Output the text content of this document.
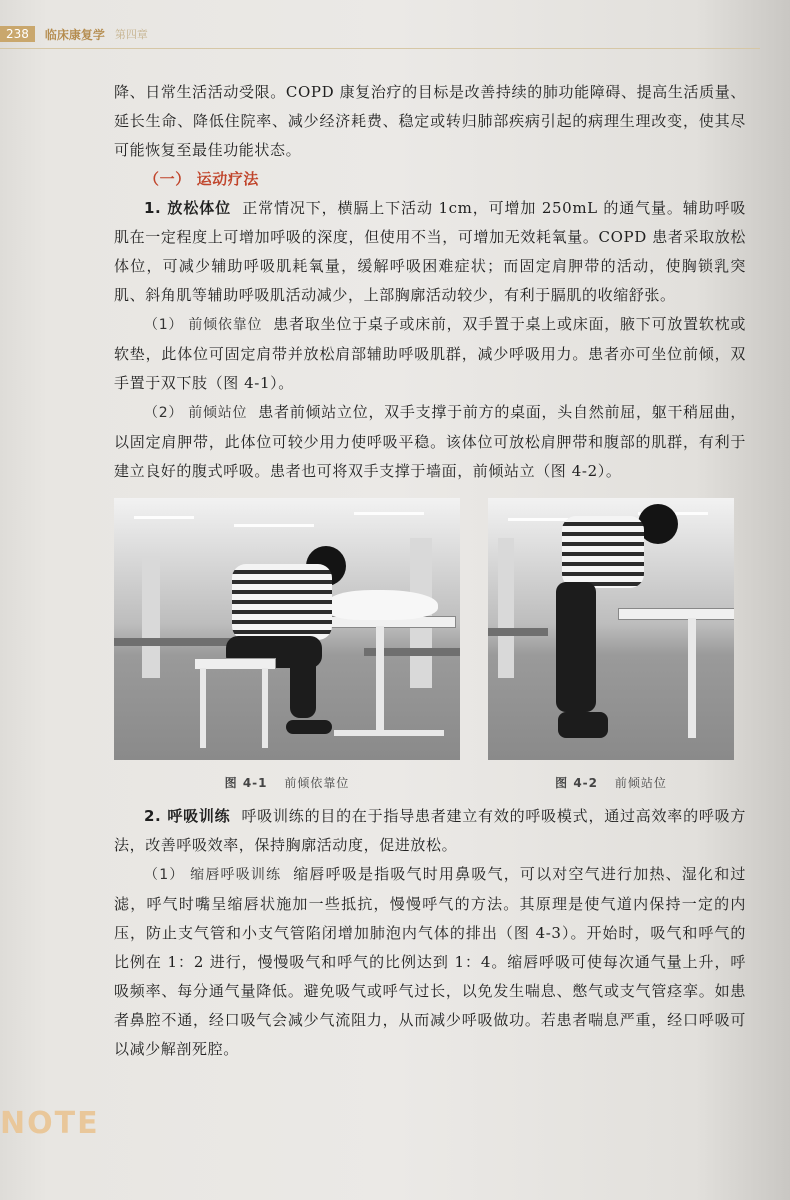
238	临床康复学 第四章

降、日常生活活动受限。COPD 康复治疗的目标是改善持续的肺功能障碍、提高生活质量、延长生命、降低住院率、减少经济耗费、稳定或转归肺部疾病引起的病理生理改变，使其尽可能恢复至最佳功能状态。

（一） 运动疗法

1. 放松体位 正常情况下，横膈上下活动 1cm，可增加 250mL 的通气量。辅助呼吸肌在一定程度上可增加呼吸的深度，但使用不当，可增加无效耗氧量。COPD 患者采取放松体位，可减少辅助呼吸肌耗氧量，缓解呼吸困难症状；而固定肩胛带的活动，使胸锁乳突肌、斜角肌等辅助呼吸肌活动减少，上部胸廓活动较少，有利于膈肌的收缩舒张。

（1） 前倾依靠位 患者取坐位于桌子或床前，双手置于桌上或床面，腋下可放置软枕或软垫，此体位可固定肩带并放松肩部辅助呼吸肌群，减少呼吸用力。患者亦可坐位前倾，双手置于双下肢（图 4-1）。

（2） 前倾站位 患者前倾站立位，双手支撑于前方的桌面，头自然前屈，躯干稍屈曲，以固定肩胛带，此体位可较少用力使呼吸平稳。该体位可放松肩胛带和腹部的肌群，有利于建立良好的腹式呼吸。患者也可将双手支撑于墙面，前倾站立（图 4-2）。

图 4-1 前倾依靠位	图 4-2 前倾站位

2. 呼吸训练 呼吸训练的目的在于指导患者建立有效的呼吸模式，通过高效率的呼吸方法，改善呼吸效率，保持胸廓活动度，促进放松。

（1） 缩唇呼吸训练 缩唇呼吸是指吸气时用鼻吸气，可以对空气进行加热、湿化和过滤，呼气时嘴呈缩唇状施加一些抵抗，慢慢呼气的方法。其原理是使气道内保持一定的内压，防止支气管和小支气管陷闭增加肺泡内气体的排出（图 4-3）。开始时，吸气和呼气的比例在 1：2 进行，慢慢吸气和呼气的比例达到 1：4。缩唇呼吸可使每次通气量上升，呼吸频率、每分通气量降低。避免吸气或呼气过长，以免发生喘息、憋气或支气管痉挛。如患者鼻腔不通，经口吸气会减少气流阻力，从而减少呼吸做功。若患者喘息严重，经口呼吸可以减少解剖死腔。

NOTE
